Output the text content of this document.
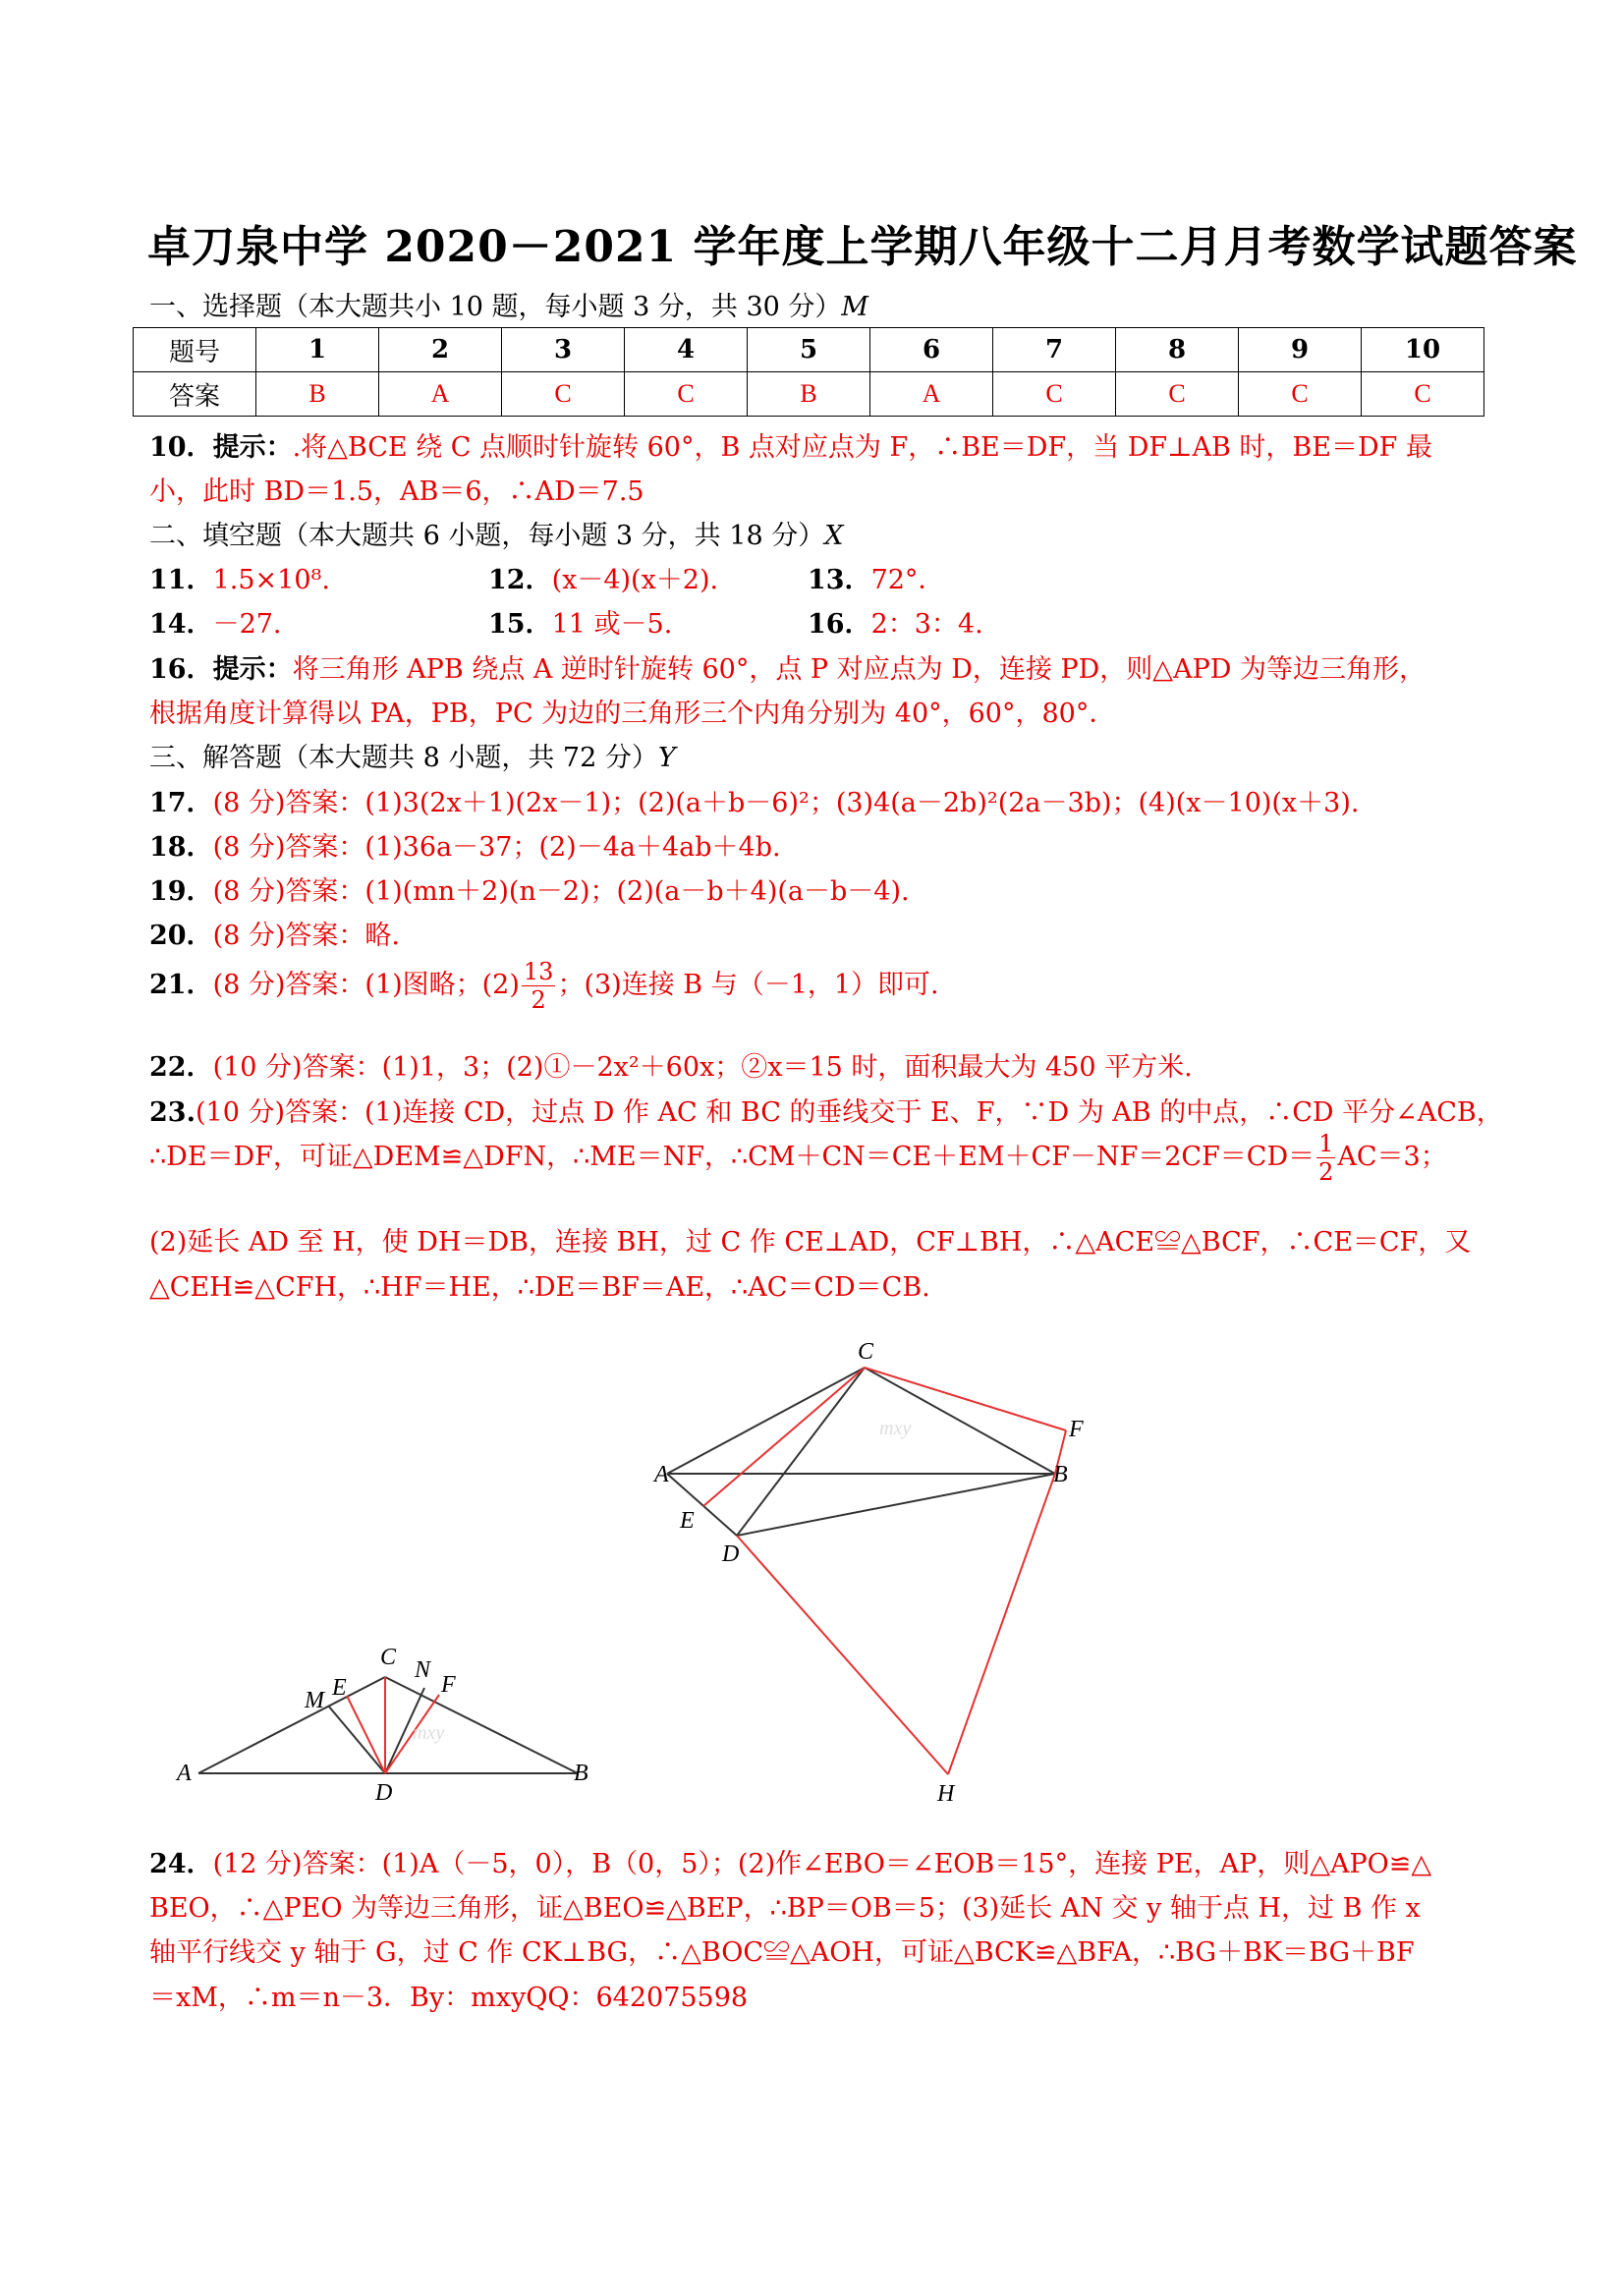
卓刀泉中学 2020－2021 学年度上学期八年级十二月月考数学试题答案
一、选择题（本大题共小 10 题，每小题 3 分，共 30 分）M
题号	1	2	3	4	5	6	7	8	9	10
答案	B	A	C	C	B	A	C	C	C	C
10．提示：.将△BCE 绕 C 点顺时针旋转 60°，B 点对应点为 F，∴BE＝DF，当 DF⊥AB 时，BE＝DF 最
小，此时 BD＝1.5，AB＝6，∴AD＝7.5
二、填空题（本大题共 6 小题，每小题 3 分，共 18 分）X
11．1.5×10⁸.	12．(x－4)(x＋2).	13．72°．
14．－27.	15．11 或－5.	16．2：3：4.
16．提示：将三角形 APB 绕点 A 逆时针旋转 60°，点 P 对应点为 D，连接 PD，则△APD 为等边三角形，
根据角度计算得以 PA，PB，PC 为边的三角形三个内角分别为 40°，60°，80°．
三、解答题（本大题共 8 小题，共 72 分）Y
17．(8 分)答案：(1)3(2x＋1)(2x－1)；(2)(a＋b－6)²；(3)4(a－2b)²(2a－3b)；(4)(x－10)(x＋3).
18．(8 分)答案：(1)36a－37；(2)－4a＋4ab＋4b.
19．(8 分)答案：(1)(mn＋2)(n－2)；(2)(a－b＋4)(a－b－4).
20．(8 分)答案：略.
21．(8 分)答案：(1)图略；$(2) \frac{13}{2}$ ；(3)连接 B 与（－1，1）即可.
22．(10 分)答案：(1)1，3；(2)①－2x²＋60x；②x＝15 时，面积最大为 450 平方米.
23.(10 分)答案：(1)连接 CD，过点 D 作 AC 和 BC 的垂线交于 E、F，∵D 为 AB 的中点，∴CD 平分∠ACB，
∴DE＝DF，可证△DEM≌△DFN，∴ME＝NF，∴CM＋CN＝CE＋EM＋CF－NF＝2CF＝CD＝ $\frac{1}{2} AC=3$；
(2)延长 AD 至 H，使 DH＝DB，连接 BH，过 C 作 CE⊥AD，CF⊥BH，∴△ACE≌△BCF，∴CE＝CF，又
△CEH≌△CFH，∴HF＝HE，∴DE＝BF＝AE，∴AC＝CD＝CB.
C
F
A	B
E
D
H
mxy
C
M E
N
F
A	B
D
mxy
24．(12 分)答案：(1)A（－5，0），B（0，5）；(2)作∠EBO＝∠EOB＝15°，连接 PE，AP，则△APO≌△
BEO，∴△PEO 为等边三角形，证△BEO≌△BEP，∴BP＝OB＝5；(3)延长 AN 交 y 轴于点 H，过 B 作 x
轴平行线交 y 轴于 G，过 C 作 CK⊥BG，∴△BOC≌△AOH，可证△BCK≌△BFA，∴BG＋BK＝BG＋BF
＝xM，∴m＝n－3．By：mxyQQ：642075598
